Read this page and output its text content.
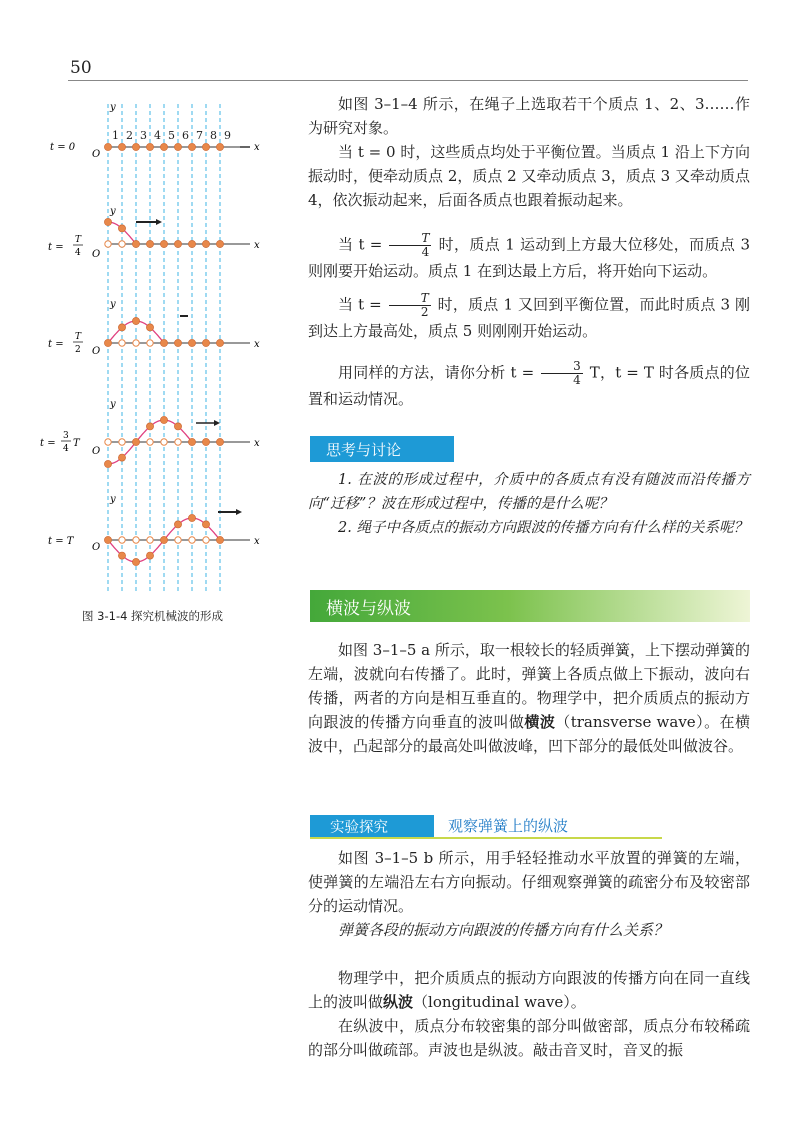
50
1 2 3 4 5 6 7 8 9
y
O
x
t = 0
y
O
x
t =
T
4
y
O
x
t =
T
2
y
O
x
t =
3
4 T
y
O
x
t = T
图 3-1-4 探究机械波的形成

如图 3–1–4 所示，在绳子上选取若干个质点 1、2、3……作为研究对象。

当 t = 0 时，这些质点均处于平衡位置。当质点 1 沿上下方向振动时，便牵动质点 2，质点 2 又牵动质点 3，质点 3 又牵动质点 4，依次振动起来，后面各质点也跟着振动起来。

当 $t = \frac{T}{4}$ 时，质点 1 运动到上方最大位移处，而质点 3 则刚要开始运动。质点 1 在到达最上方后，将开始向下运动。

当 $t = \frac{T}{2}$ 时，质点 1 又回到平衡位置，而此时质点 3 刚到达上方最高处，质点 5 则刚刚开始运动。

用同样的方法，请你分析 $t = \frac{3}{4}$ T，t = T 时各质点的位置和运动情况。

思考与讨论

1. 在波的形成过程中，介质中的各质点有没有随波而沿传播方向“迁移”？波在形成过程中，传播的是什么呢？

2. 绳子中各质点的振动方向跟波的传播方向有什么样的关系呢？

横波与纵波

如图 3–1–5 a 所示，取一根较长的轻质弹簧，上下摆动弹簧的左端，波就向右传播了。此时，弹簧上各质点做上下振动，波向右传播，两者的方向是相互垂直的。物理学中，把介质质点的振动方向跟波的传播方向垂直的波叫做横波（transverse wave）。在横波中，凸起部分的最高处叫做波峰，凹下部分的最低处叫做波谷。

实验探究	观察弹簧上的纵波

如图 3–1–5 b 所示，用手轻轻推动水平放置的弹簧的左端，使弹簧的左端沿左右方向振动。仔细观察弹簧的疏密分布及较密部分的运动情况。

弹簧各段的振动方向跟波的传播方向有什么关系？

物理学中，把介质质点的振动方向跟波的传播方向在同一直线上的波叫做纵波（longitudinal wave）。

在纵波中，质点分布较密集的部分叫做密部，质点分布较稀疏的部分叫做疏部。声波也是纵波。敲击音叉时，音叉的振
